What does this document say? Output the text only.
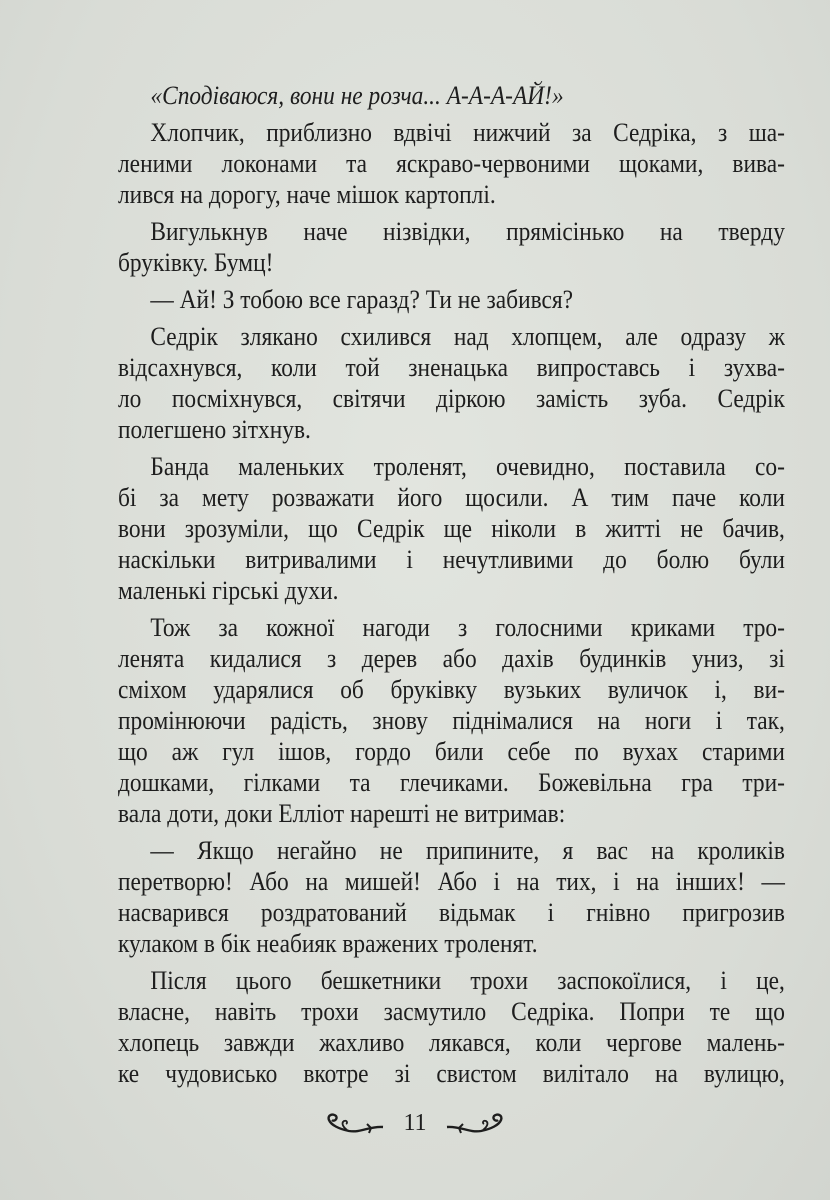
«Сподіваюся, вони не розча... А-А-А-АЙ!»
Хлопчик, приблизно вдвічі нижчий за Седріка, з ша-
леними локонами та яскраво-червоними щоками, вива-
лився на дорогу, наче мішок картоплі.
Вигулькнув наче нізвідки, прямісінько на тверду
бруківку. Бумц!
— Ай! З тобою все гаразд? Ти не забився?
Седрік злякано схилився над хлопцем, але одразу ж
відсахнувся, коли той зненацька випроставсь і зухва-
ло посміхнувся, світячи діркою замість зуба. Седрік
полегшено зітхнув.
Банда маленьких троленят, очевидно, поставила со-
бі за мету розважати його щосили. А тим паче коли
вони зрозуміли, що Седрік ще ніколи в житті не бачив,
наскільки витривалими і нечутливими до болю були
маленькі гірські духи.
Тож за кожної нагоди з голосними криками тро-
ленята кидалися з дерев або дахів будинків униз, зі
сміхом ударялися об бруківку вузьких вуличок і, ви-
промінюючи радість, знову піднімалися на ноги і так,
що аж гул ішов, гордо били себе по вухах старими
дошками, гілками та глечиками. Божевільна гра три-
вала доти, доки Елліот нарешті не витримав:
— Якщо негайно не припините, я вас на кроликів
перетворю! Або на мишей! Або і на тих, і на інших! —
насварився роздратований відьмак і гнівно пригрозив
кулаком в бік неабияк вражених троленят.
Після цього бешкетники трохи заспокоїлися, і це,
власне, навіть трохи засмутило Седріка. Попри те що
хлопець завжди жахливо лякався, коли чергове малень-
ке чудовисько вкотре зі свистом вилітало на вулицю,
11
